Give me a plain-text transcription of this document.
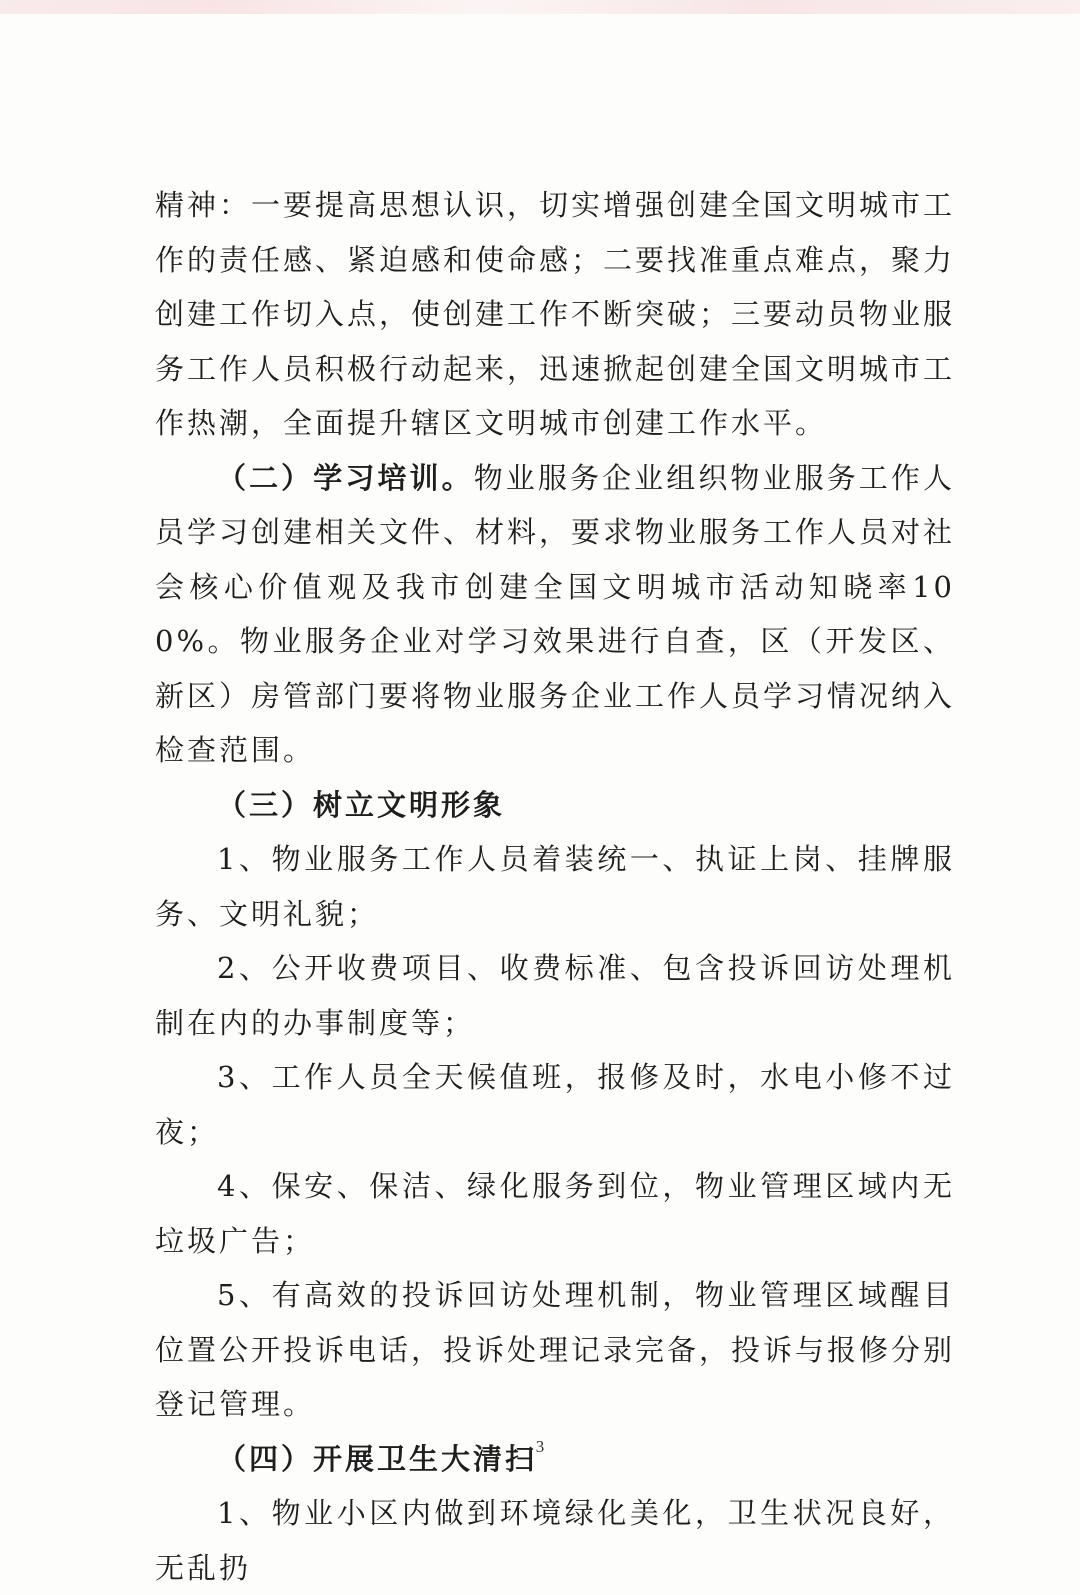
精神：一要提高思想认识，切实增强创建全国文明城市工作的责任感、紧迫感和使命感；二要找准重点难点，聚力创建工作切入点，使创建工作不断突破；三要动员物业服务工作人员积极行动起来，迅速掀起创建全国文明城市工作热潮，全面提升辖区文明城市创建工作水平。

（二）学习培训。物业服务企业组织物业服务工作人员学习创建相关文件、材料，要求物业服务工作人员对社会核心价值观及我市创建全国文明城市活动知晓率100%。物业服务企业对学习效果进行自查，区（开发区、新区）房管部门要将物业服务企业工作人员学习情况纳入检查范围。

（三）树立文明形象

1、物业服务工作人员着装统一、执证上岗、挂牌服务、文明礼貌；

2、公开收费项目、收费标准、包含投诉回访处理机制在内的办事制度等；

3、工作人员全天候值班，报修及时，水电小修不过夜；

4、保安、保洁、绿化服务到位，物业管理区域内无垃圾广告；

5、有高效的投诉回访处理机制，物业管理区域醒目位置公开投诉电话，投诉处理记录完备，投诉与报修分别登记管理。

（四）开展卫生大清扫

1、物业小区内做到环境绿化美化，卫生状况良好，无乱扔

3
